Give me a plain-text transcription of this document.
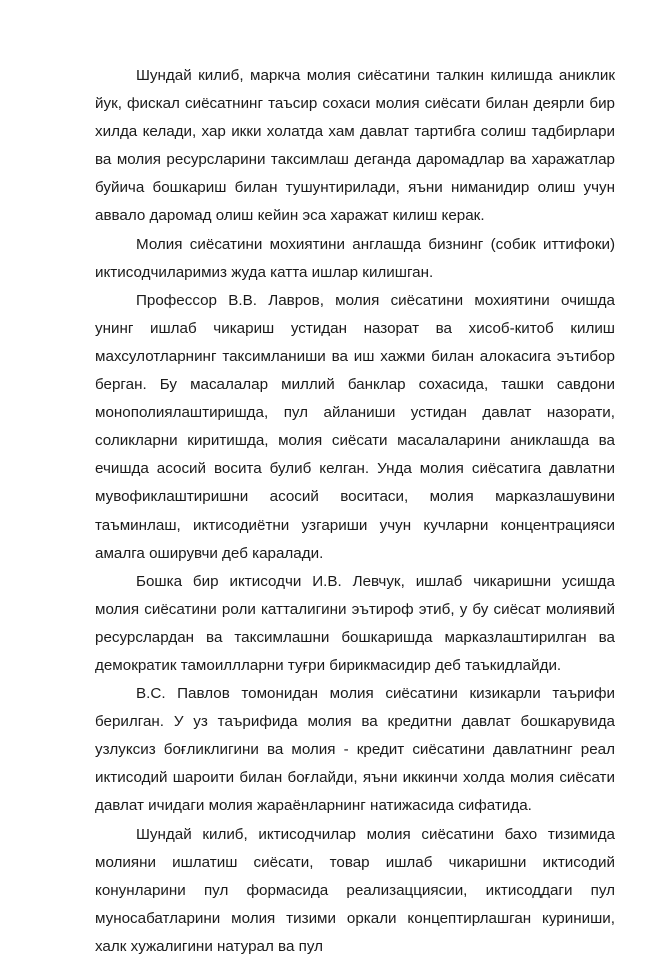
Шундай килиб, маркча молия сиёсатини талкин килишда аниклик йук, фискал сиёсатнинг таъсир сохаси молия сиёсати билан деярли бир хилда келади, хар икки холатда хам давлат тартибга солиш тадбирлари ва молия ресурсларини таксимлаш деганда даромадлар ва харажатлар буйича бошкариш билан тушунтирилади, яъни ниманидир олиш учун аввало даромад олиш кейин эса харажат килиш керак.

Молия сиёсатини мохиятини англашда бизнинг (собик иттифоки) иктисодчиларимиз жуда катта ишлар килишган.

Профессор В.В. Лавров, молия сиёсатини мохиятини очишда унинг ишлаб чикариш устидан назорат ва хисоб-китоб килиш махсулотларнинг таксимланиши ва иш хажми билан алокасига эътибор берган. Бу масалалар миллий банклар сохасида, ташки савдони монополиялаштиришда, пул айланиши устидан давлат назорати, соликларни киритишда, молия сиёсати масалаларини аниклашда ва ечишда асосий восита булиб келган. Унда молия сиёсатига давлатни мувофиклаштиришни асосий воситаси, молия марказлашувини таъминлаш, иктисодиётни узгариши учун кучларни концентрацияси амалга оширувчи деб каралади.

Бошка бир иктисодчи И.В. Левчук, ишлаб чикаришни усишда молия сиёсатини роли катталигини эътироф этиб, у бу сиёсат молиявий ресурслардан ва таксимлашни бошкаришда марказлаштирилган ва демократик тамоиллларни туғри бирикмасидир деб таъкидлайди.

В.С. Павлов томонидан молия сиёсатини кизикарли таърифи берилган. У уз таърифида молия ва кредитни давлат бошкарувида узлуксиз боғликлигини ва молия - кредит сиёсатини давлатнинг реал иктисодий шароити билан боғлайди, яъни иккинчи холда молия сиёсати давлат ичидаги молия жараёнларнинг натижасида сифатида.

Шундай килиб, иктисодчилар молия сиёсатини бахо тизимида молияни ишлатиш сиёсати, товар ишлаб чикаришни иктисодий конунларини пул формасида реализацциясии, иктисоддаги пул муносабатларини молия тизими оркали концептирлашган куриниши, халк хужалигини натурал ва пул
